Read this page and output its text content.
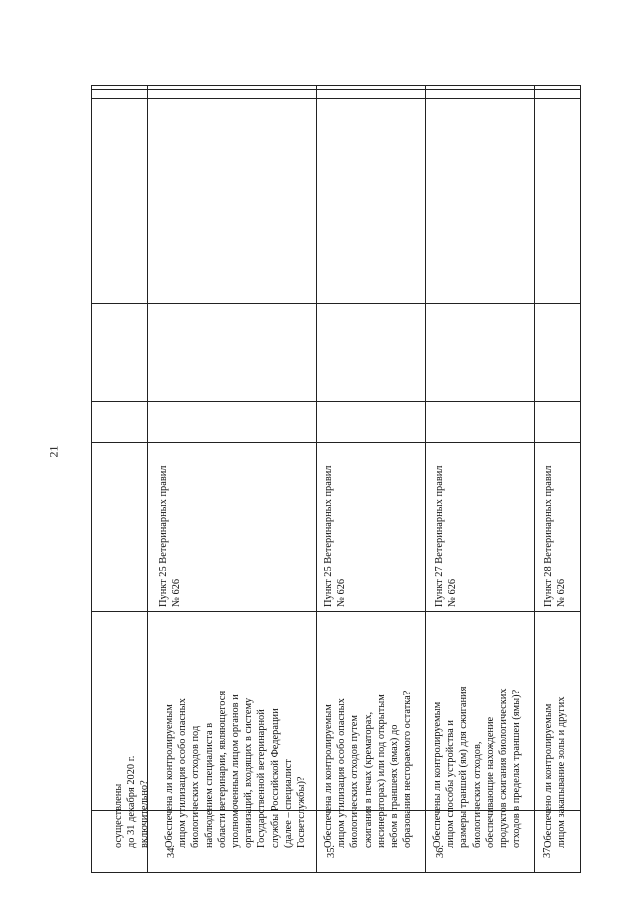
21
осуществлены до 31 декабря 2020 г. включительно?
34.
Обеспечена ли контролируемым лицом утилизация особо опасных биологических отходов под наблюдением специалиста в области ветеринарии, являющегося уполномоченным лицом органов и организаций, входящих в систему Государственной ветеринарной службы Российской Федерации (далее – специалист Госветслужбы)?
Пункт 25 Ветеринарных правил № 626
35.
Обеспечена ли контролируемым лицом утилизация особо опасных биологических отходов путем сжигания в печах (крематорах, инсинераторах) или под открытым небом в траншеях (ямах) до образования несгораемого остатка?
Пункт 25 Ветеринарных правил № 626
36.
Обеспечены ли контролируемым лицом способы устройства и размеры траншей (ям) для сжигания биологических отходов, обеспечивающие нахождение продуктов сжигания биологических отходов в пределах траншеи (ямы)?
Пункт 27 Ветеринарных правил № 626
37.
Обеспечено ли контролируемым лицом закапывание золы и других
Пункт 28 Ветеринарных правил № 626
